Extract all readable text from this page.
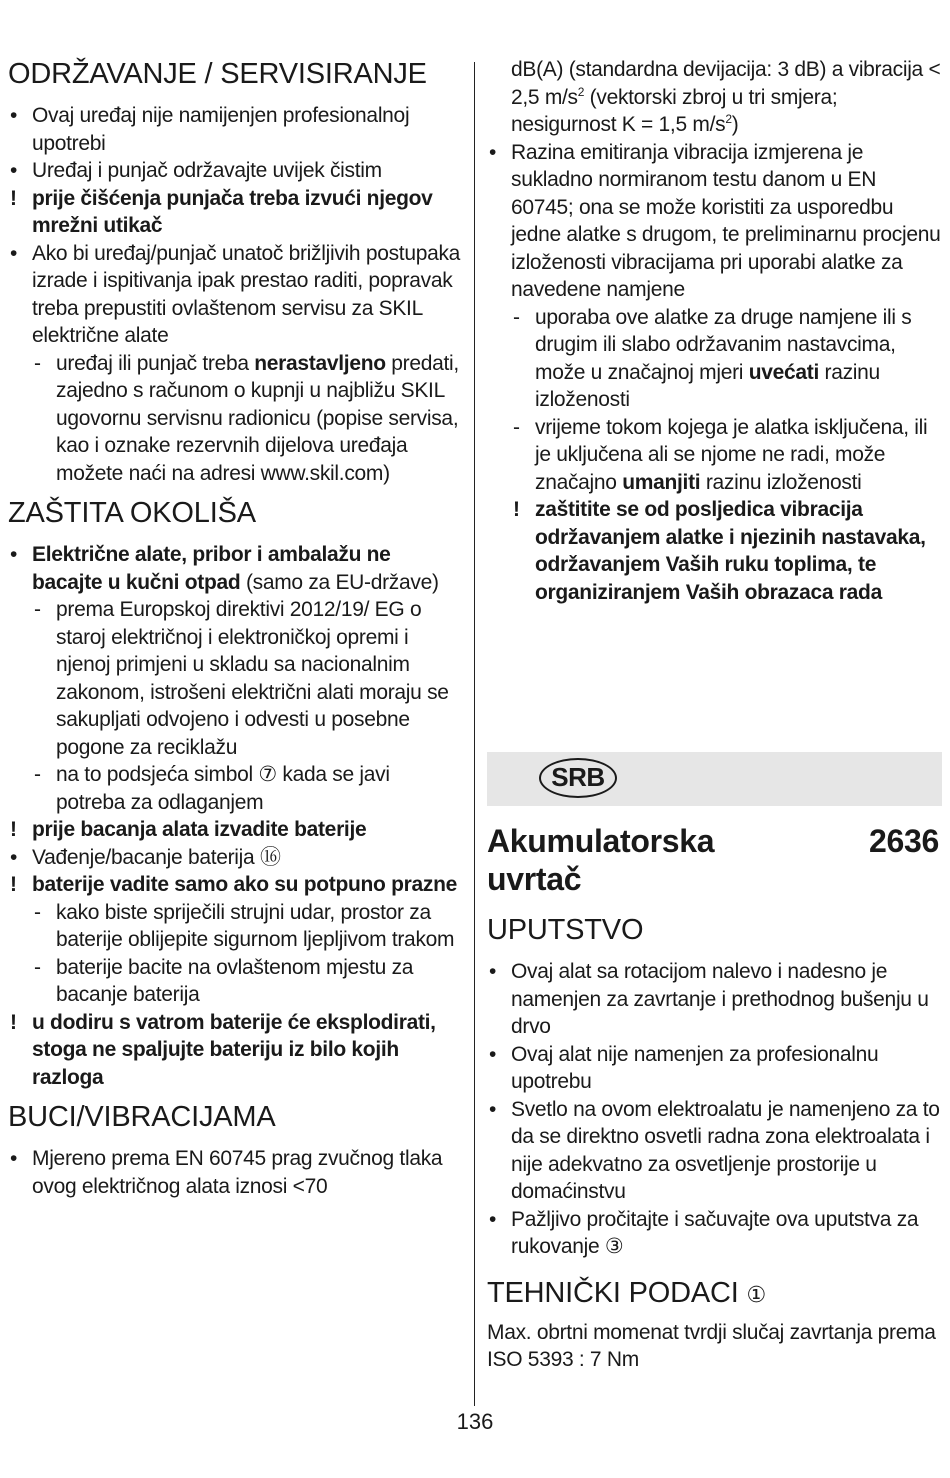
ODRŽAVANJE / SERVISIRANJE
• Ovaj uređaj nije namijenjen profesionalnoj upotrebi
• Uređaj i punjač održavajte uvijek čistim
! prije čišćenja punjača treba izvući njegov mrežni utikač
• Ako bi uređaj/punjač unatoč brižljivih postupaka izrade i ispitivanja ipak prestao raditi, popravak treba prepustiti ovlaštenom servisu za SKIL električne alate
- uređaj ili punjač treba nerastavljeno predati, zajedno s računom o kupnji u najbližu SKIL ugovornu servisnu radionicu (popise servisa, kao i oznake rezervnih dijelova uređaja možete naći na adresi www.skil.com)
ZAŠTITA OKOLIŠA
• Električne alate, pribor i ambalažu ne bacajte u kučni otpad (samo za EU-države)
- prema Europskoj direktivi 2012/19/ EG o staroj električnoj i elektroničkoj opremi i njenoj primjeni u skladu sa nacionalnim zakonom, istrošeni električni alati moraju se sakupljati odvojeno i odvesti u posebne pogone za reciklažu
- na to podsjeća simbol ⑦ kada se javi potreba za odlaganjem
! prije bacanja alata izvadite baterije
• Vađenje/bacanje baterija ⑯
! baterije vadite samo ako su potpuno prazne
- kako biste spriječili strujni udar, prostor za baterije oblijepite sigurnom ljepljivom trakom
- baterije bacite na ovlaštenom mjestu za bacanje baterija
! u dodiru s vatrom baterije će eksplodirati, stoga ne spaljujte bateriju iz bilo kojih razloga
BUCI/VIBRACIJAMA
• Mjereno prema EN 60745 prag zvučnog tlaka ovog električnog alata iznosi <70
dB(A) (standardna devijacija: 3 dB) a vibracija < 2,5 $m/s^2$ (vektorski zbroj u tri smjera; nesigurnost K = 1,5 $m/s^2$)
• Razina emitiranja vibracija izmjerena je sukladno normiranom testu danom u EN 60745; ona se može koristiti za usporedbu jedne alatke s drugom, te preliminarnu procjenu izloženosti vibracijama pri uporabi alatke za navedene namjene
- uporaba ove alatke za druge namjene ili s drugim ili slabo održavanim nastavcima, može u značajnoj mjeri uvećati razinu izloženosti
- vrijeme tokom kojega je alatka isključena, ili je uključena ali se njome ne radi, može značajno umanjiti razinu izloženosti
! zaštitite se od posljedica vibracija održavanjem alatke i njezinih nastavaka, održavanjem Vaših ruku toplima, te organiziranjem Vaših obrazaca rada
SRB
2636
Akumulatorska uvrtač
UPUTSTVO
• Ovaj alat sa rotacijom nalevo i nadesno je namenjen za zavrtanje i prethodnog bušenju u drvo
• Ovaj alat nije namenjen za profesionalnu upotrebu
• Svetlo na ovom elektroalatu je namenjeno za to da se direktno osvetli radna zona elektroalata i nije adekvatno za osvetljenje prostorije u domaćinstvu
• Pažljivo pročitajte i sačuvajte ova uputstva za rukovanje ③
TEHNIČKI PODACI ①
Max. obrtni momenat tvrdji slučaj zavrtanja prema ISO 5393 : 7 Nm
136
